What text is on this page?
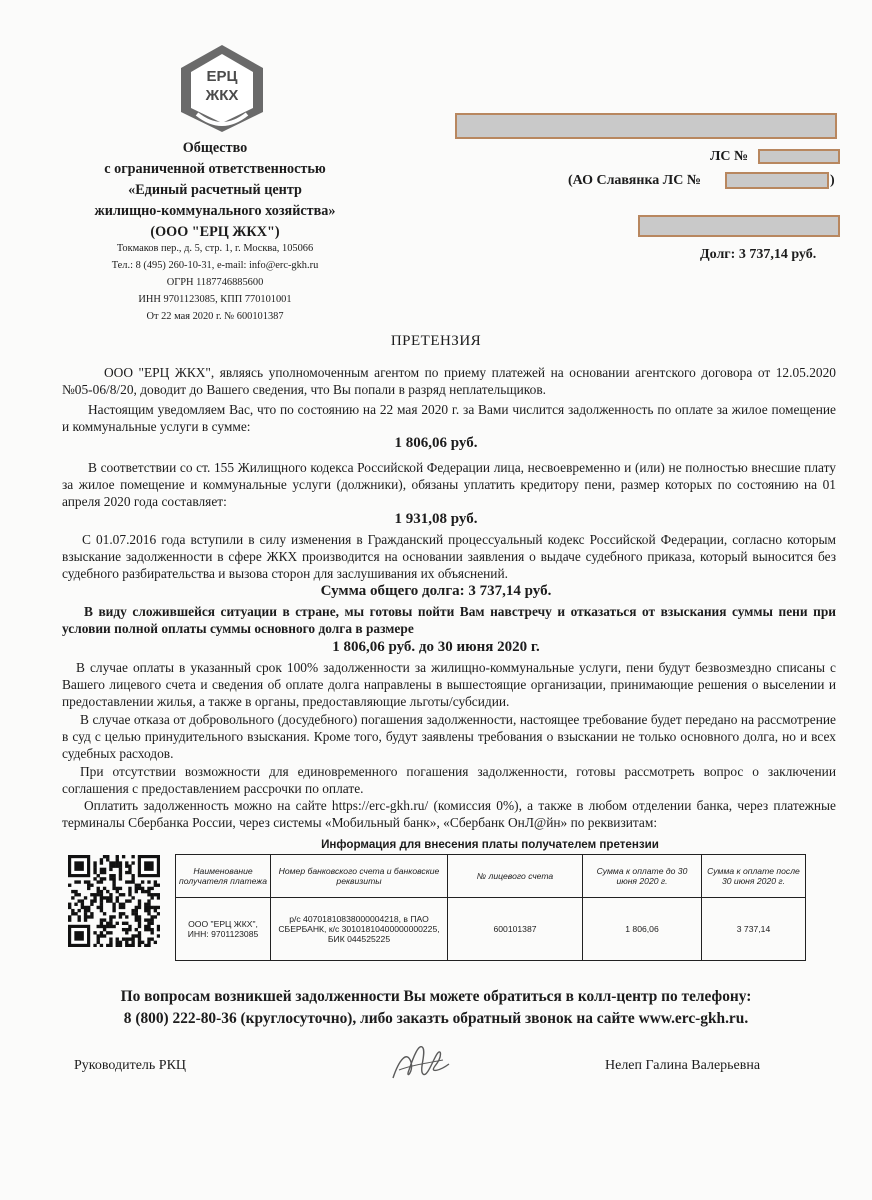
ЕРЦ
ЖКХ
Общество
с ограниченной ответственностью
«Единый расчетный центр
жилищно-коммунального хозяйства»
(ООО "ЕРЦ ЖКХ")
Токмаков пер., д. 5, стр. 1, г. Москва, 105066
Тел.: 8 (495) 260-10-31, e-mail: info@erc-gkh.ru
ОГРН 1187746885600
ИНН 9701123085, КПП 770101001
От 22 мая 2020 г. № 600101387
ЛС №
(АО Славянка ЛС №	)
Долг: 3 737,14 руб.
ПРЕТЕНЗИЯ
ООО "ЕРЦ ЖКХ", являясь уполномоченным агентом по приему платежей на основании агентского договора от 12.05.2020 №05-06/8/20, доводит до Вашего сведения, что Вы попали в разряд неплательщиков.
Настоящим уведомляем Вас, что по состоянию на 22 мая 2020 г. за Вами числится задолженность по оплате за жилое помещение и коммунальные услуги в сумме:
1 806,06 руб.
В соответствии со ст. 155 Жилищного кодекса Российской Федерации лица, несвоевременно и (или) не полностью внесшие плату за жилое помещение и коммунальные услуги (должники), обязаны уплатить кредитору пени, размер которых по состоянию на 01 апреля 2020 года составляет:
1 931,08 руб.
С 01.07.2016 года вступили в силу изменения в Гражданский процессуальный кодекс Российской Федерации, согласно которым взыскание задолженности в сфере ЖКХ производится на основании заявления о выдаче судебного приказа, который выносится без судебного разбирательства и вызова сторон для заслушивания их объяснений.
Сумма общего долга: 3 737,14 руб.
В виду сложившейся ситуации в стране, мы готовы пойти Вам навстречу и отказаться от взыскания суммы пени при условии полной оплаты суммы основного долга в размере
1 806,06 руб. до 30 июня 2020 г.
В случае оплаты в указанный срок 100% задолженности за жилищно-коммунальные услуги, пени будут безвозмездно списаны с Вашего лицевого счета и сведения об оплате долга направлены в вышестоящие организации, принимающие решения о выселении и предоставлении жилья, а также в органы, предоставляющие льготы/субсидии.
В случае отказа от добровольного (досудебного) погашения задолженности, настоящее требование будет передано на рассмотрение в суд с целью принудительного взыскания. Кроме того, будут заявлены требования о взыскании не только основного долга, но и всех судебных расходов.
При отсутствии возможности для единовременного погашения задолженности, готовы рассмотреть вопрос о заключении соглашения с предоставлением рассрочки по оплате.
Оплатить задолженность можно на сайте https://erc-gkh.ru/ (комиссия 0%), а также в любом отделении банка, через платежные терминалы Сбербанка России, через системы «Мобильный банк», «Сбербанк ОнЛ@йн» по реквизитам:
Информация для внесения платы получателем претензии
Наименование получателя платежа	Номер банковского счета и банковские реквизиты	№ лицевого счета	Сумма к оплате до 30 июня 2020 г.	Сумма к оплате после 30 июня 2020 г.
ООО "ЕРЦ ЖКХ", ИНН: 9701123085	р/с 40701810838000004218, в ПАО СБЕРБАНК, к/с 30101810400000000225, БИК 044525225	600101387	1 806,06	3 737,14
По вопросам возникшей задолженности Вы можете обратиться в колл-центр по телефону:
8 (800) 222-80-36 (круглосуточно), либо заказть обратный звонок на сайте www.erc-gkh.ru.
Руководитель РКЦ	Нелеп Галина Валерьевна
